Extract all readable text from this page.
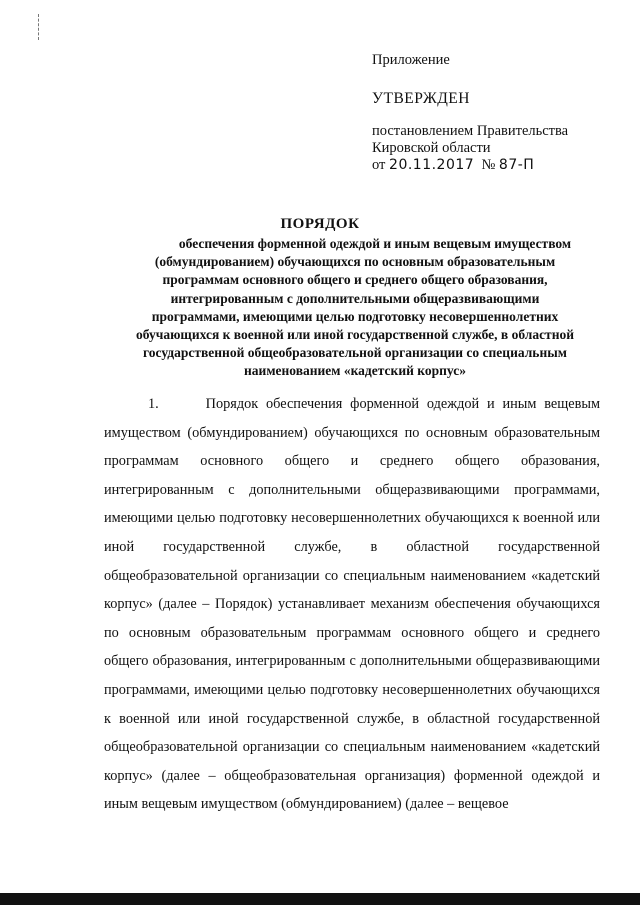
Приложение

УТВЕРЖДЕН

постановлением Правительства
Кировской области
от 20.11.2017 № 87-П

ПОРЯДОК

обеспечения форменной одеждой и иным вещевым имуществом
(обмундированием) обучающихся по основным образовательным
программам основного общего и среднего общего образования,
интегрированным с дополнительными общеразвивающими
программами, имеющими целью подготовку несовершеннолетних
обучающихся к военной или иной государственной службе, в областной
государственной общеобразовательной организации со специальным
наименованием «кадетский корпус»

1.      Порядок обеспечения форменной одеждой и иным вещевым имуществом (обмундированием) обучающихся по основным образовательным программам основного общего и среднего общего образования, интегрированным с дополнительными общеразвивающими программами, имеющими целью подготовку несовершеннолетних обучающихся к военной или иной государственной службе, в областной государственной общеобразовательной организации со специальным наименованием «кадетский корпус» (далее – Порядок) устанавливает механизм обеспечения обучающихся по основным образовательным программам основного общего и среднего общего образования, интегрированным с дополнительными общеразвивающими программами, имеющими целью подготовку несовершеннолетних обучающихся к военной или иной государственной службе, в областной государственной общеобразовательной организации со специальным наименованием «кадетский корпус» (далее – общеобразовательная организация) форменной одеждой и иным вещевым имуществом (обмундированием) (далее – вещевое
